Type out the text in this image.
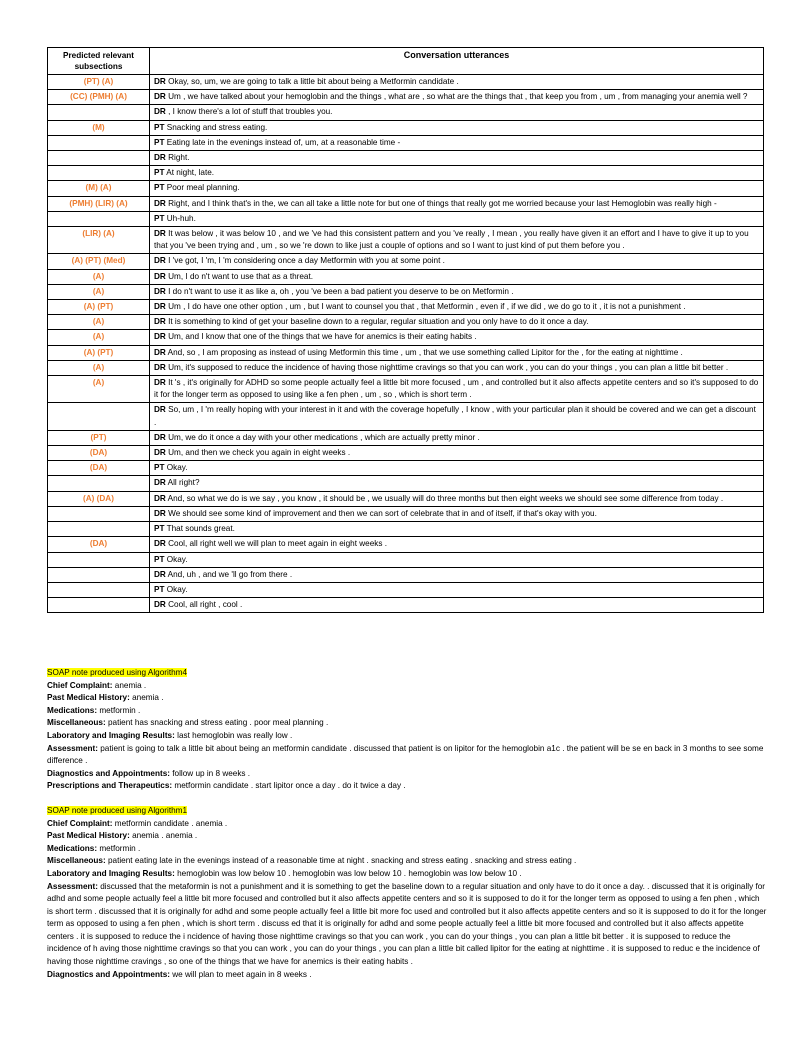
Predicted relevant subsections	Conversation utterances
(PT) (A)	DR Okay, so, um, we are going to talk a little bit about being a Metformin candidate .
(CC) (PMH) (A)	DR Um , we have talked about your hemoglobin and the things , what are , so what are the things that , that keep you from , um , from managing your anemia well ?
	DR , I know there's a lot of stuff that troubles you.
(M)	PT Snacking and stress eating.
	PT Eating late in the evenings instead of, um, at a reasonable time -
	DR Right.
	PT At night, late.
(M) (A)	PT Poor meal planning.
(PMH) (LIR) (A)	DR Right, and I think that's in the, we can all take a little note for but one of things that really got me worried because your last Hemoglobin was really high -
	PT Uh-huh.
(LIR) (A)	DR It was below , it was below 10 , and we 've had this consistent pattern and you 've really , I mean , you really have given it an effort and I have to give it up to you that you 've been trying and , um , so we 're down to like just a couple of options and so I want to just kind of put them before you .
(A) (PT) (Med)	DR I 've got, I 'm, I 'm considering once a day Metformin with you at some point .
(A)	DR Um, I do n't want to use that as a threat.
(A)	DR I do n't want to use it as like a, oh , you 've been a bad patient you deserve to be on Metformin .
(A) (PT)	DR Um , I do have one other option , um , but I want to counsel you that , that Metformin , even if , if we did , we do go to it , it is not a punishment .
(A)	DR It is something to kind of get your baseline down to a regular, regular situation and you only have to do it once a day.
(A)	DR Um, and I know that one of the things that we have for anemics is their eating habits .
(A) (PT)	DR And, so , I am proposing as instead of using Metformin this time , um , that we use something called Lipitor for the , for the eating at nighttime .
(A)	DR Um, it's supposed to reduce the incidence of having those nighttime cravings so that you can work , you can do your things , you can plan a little bit better .
(A)	DR It 's , it's originally for ADHD so some people actually feel a little bit more focused , um , and controlled but it also affects appetite centers and so it's supposed to do it for the longer term as opposed to using like a fen phen , um , so , which is short term .
	DR So, um , I 'm really hoping with your interest in it and with the coverage hopefully , I know , with your particular plan it should be covered and we can get a discount .
(PT)	DR Um, we do it once a day with your other medications , which are actually pretty minor .
(DA)	DR Um, and then we check you again in eight weeks .
(DA)	PT Okay.
	DR All right?
(A) (DA)	DR And, so what we do is we say , you know , it should be , we usually will do three months but then eight weeks we should see some difference from today .
	DR We should see some kind of improvement and then we can sort of celebrate that in and of itself, if that's okay with you.
	PT That sounds great.
(DA)	DR Cool, all right well we will plan to meet again in eight weeks .
	PT Okay.
	DR And, uh , and we 'll go from there .
	PT Okay.
	DR Cool, all right , cool .
SOAP note produced using Algorithm4
Chief Complaint: anemia .
Past Medical History: anemia .
Medications: metformin .
Miscellaneous: patient has snacking and stress eating . poor meal planning .
Laboratory and Imaging Results: last hemoglobin was really low .
Assessment: patient is going to talk a little bit about being an metformin candidate . discussed that patient is on lipitor for the hemoglobin a1c . the patient will be se en back in 3 months to see some difference .
Diagnostics and Appointments: follow up in 8 weeks .
Prescriptions and Therapeutics: metformin candidate . start lipitor once a day . do it twice a day .
SOAP note produced using Algorithm1
Chief Complaint: metformin candidate . anemia .
Past Medical History: anemia . anemia .
Medications: metformin .
Miscellaneous: patient eating late in the evenings instead of a reasonable time at night . snacking and stress eating . snacking and stress eating .
Laboratory and Imaging Results: hemoglobin was low below 10 . hemoglobin was low below 10 . hemoglobin was low below 10 .
Assessment: discussed that the metaformin is not a punishment and it is something to get the baseline down to a regular situation and only have to do it once a day. . discussed that it is originally for adhd and some people actually feel a little bit more focused and controlled but it also affects appetite centers and so it is supposed to do it for the longer term as opposed to using a fen phen , which is short term . discussed that it is originally for adhd and some people actually feel a little bit more foc used and controlled but it also affects appetite centers and so it is supposed to do it for the longer term as opposed to using a fen phen , which is short term . discuss ed that it is originally for adhd and some people actually feel a little bit more focused and controlled but it also affects appetite centers . it is supposed to reduce the i ncidence of having those nighttime cravings so that you can work , you can do your things , you can plan a little bit better . it is supposed to reduce the incidence of h aving those nighttime cravings so that you can work , you can do your things , you can plan a little bit called lipitor for the eating at nighttime . it is supposed to reduc e the incidence of having those nighttime cravings , so one of the things that we have for anemics is their eating habits .
Diagnostics and Appointments: we will plan to meet again in 8 weeks .
